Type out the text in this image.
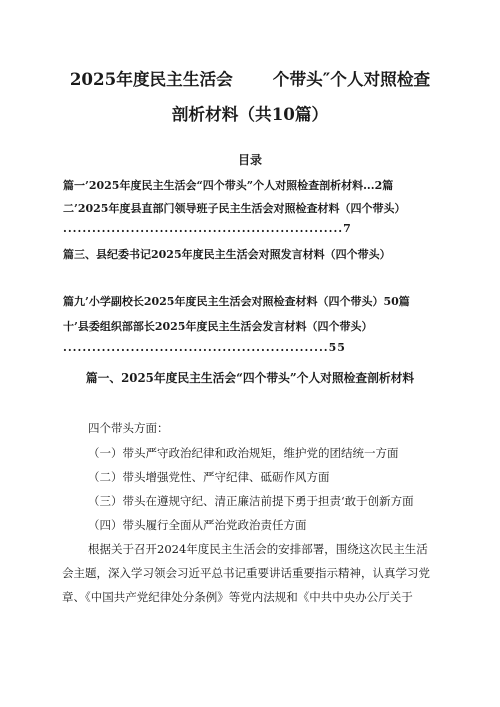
2025年度民主生活会 个带头″个人对照检查
剖析材料（共10篇）
目录
篇一’2025年度民主生活会“四个带头”个人对照检查剖析材料...2篇
二’2025年度县直部门领导班子民主生活会对照检查材料（四个带头）
..........................................................7
篇三、县纪委书记2025年度民主生活会对照发言材料（四个带头）
篇九’小学副校长2025年度民主生活会对照检查材料（四个带头）50篇
十’县委组织部部长2025年度民主生活会发言材料（四个带头）
.......................................................55
篇一、2025年度民主生活会“四个带头”个人对照检查剖析材料
四个带头方面：
（一）带头严守政治纪律和政治规矩，维护党的团结统一方面
（二）带头增强党性、严守纪律、砥砺作风方面
（三）带头在遵规守纪、清正廉洁前提下勇于担责‘敢于创新方面
（四）带头履行全面从严治党政治责任方面
根据关于召开2024年度民主生活会的安排部署，围绕这次民主生活
会主题，深入学习领会习近平总书记重要讲话重要指示精神，认真学习党
章、《中国共产党纪律处分条例》等党内法规和《中共中央办公厅关于
